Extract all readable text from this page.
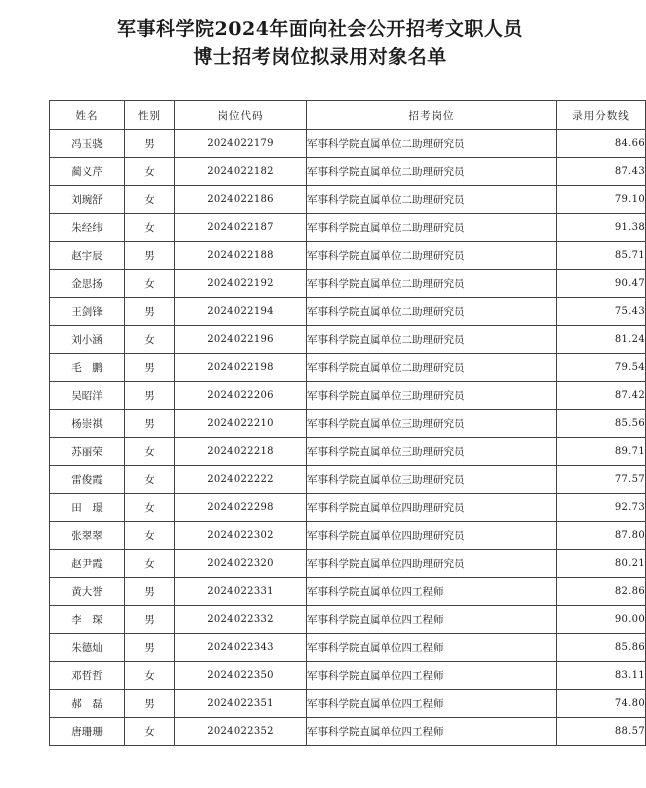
军事科学院2024年面向社会公开招考文职人员
博士招考岗位拟录用对象名单
姓名	性别	岗位代码	招考岗位	录用分数线
冯玉骁	男	2024022179	军事科学院直属单位二助理研究员	84.66
蔺义芹	女	2024022182	军事科学院直属单位二助理研究员	87.43
刘琬舒	女	2024022186	军事科学院直属单位二助理研究员	79.10
朱经纬	女	2024022187	军事科学院直属单位二助理研究员	91.38
赵宇辰	男	2024022188	军事科学院直属单位二助理研究员	85.71
金思扬	女	2024022192	军事科学院直属单位二助理研究员	90.47
王剑锋	男	2024022194	军事科学院直属单位二助理研究员	75.43
刘小涵	女	2024022196	军事科学院直属单位二助理研究员	81.24
毛　鹏	男	2024022198	军事科学院直属单位二助理研究员	79.54
吴昭洋	男	2024022206	军事科学院直属单位三助理研究员	87.42
杨崇祺	男	2024022210	军事科学院直属单位三助理研究员	85.56
苏丽荣	女	2024022218	军事科学院直属单位三助理研究员	89.71
雷俊霞	女	2024022222	军事科学院直属单位三助理研究员	77.57
田　璟	女	2024022298	军事科学院直属单位四助理研究员	92.73
张翠翠	女	2024022302	军事科学院直属单位四助理研究员	87.80
赵尹霞	女	2024022320	军事科学院直属单位四助理研究员	80.21
黄大誉	男	2024022331	军事科学院直属单位四工程师	82.86
李　琛	男	2024022332	军事科学院直属单位四工程师	90.00
朱德灿	男	2024022343	军事科学院直属单位四工程师	85.86
邓哲哲	女	2024022350	军事科学院直属单位四工程师	83.11
郝　磊	男	2024022351	军事科学院直属单位四工程师	74.80
唐珊珊	女	2024022352	军事科学院直属单位四工程师	88.57
